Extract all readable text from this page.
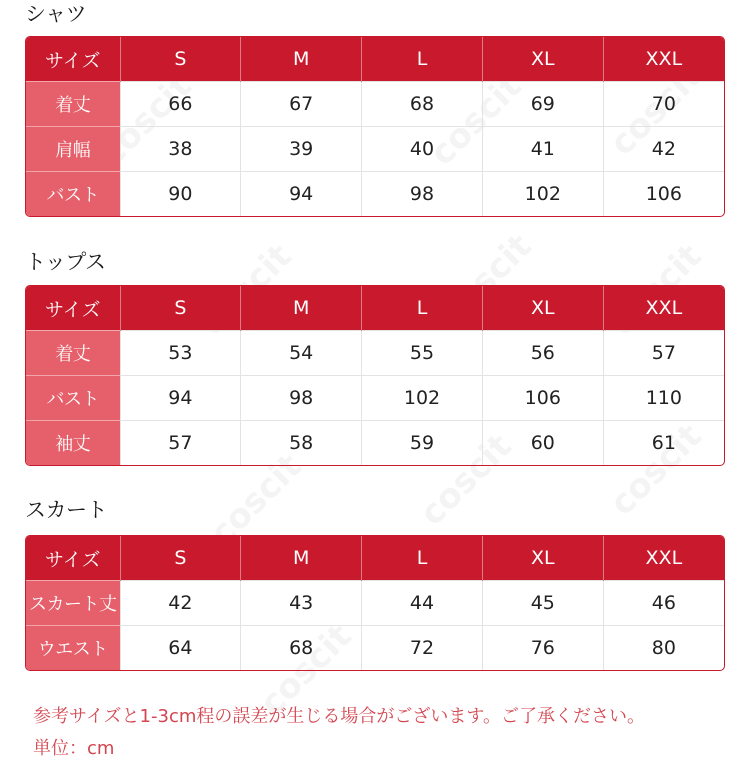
シャツ
サイズ	S	M	L	XL	XXL
着丈	66	67	68	69	70
肩幅	38	39	40	41	42
バスト	90	94	98	102	106
トップス
サイズ	S	M	L	XL	XXL
着丈	53	54	55	56	57
バスト	94	98	102	106	110
袖丈	57	58	59	60	61
スカート
サイズ	S	M	L	XL	XXL
スカート丈	42	43	44	45	46
ウエスト	64	68	72	76	80
参考サイズと1-3cm程の誤差が生じる場合がございます。ご了承ください。
単位：cm
